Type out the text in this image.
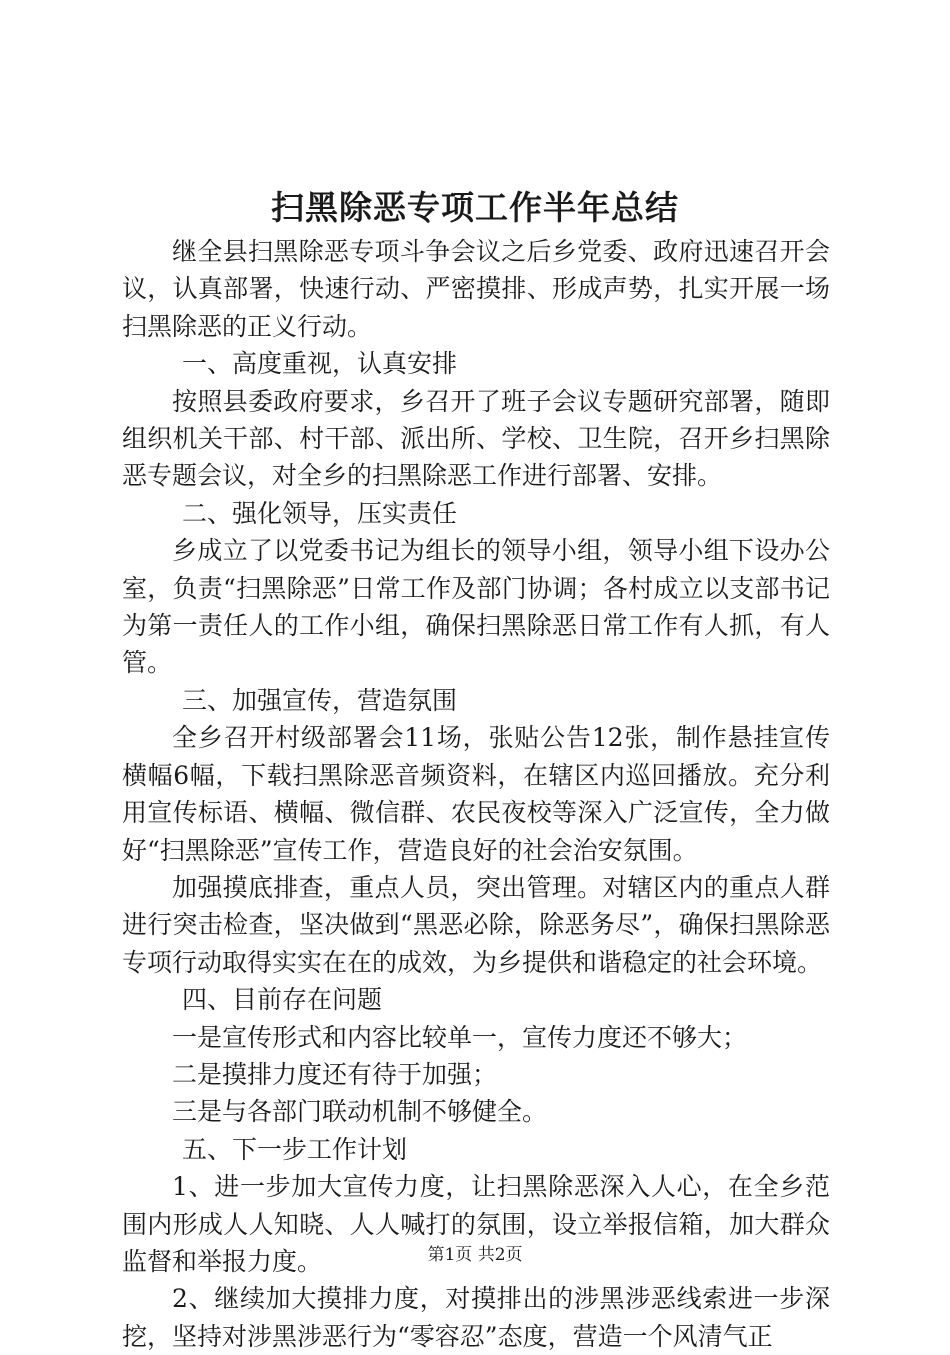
扫黑除恶专项工作半年总结

继全县扫黑除恶专项斗争会议之后乡党委、政府迅速召开会议，认真部署，快速行动、严密摸排、形成声势，扎实开展一场扫黑除恶的正义行动。

一、高度重视，认真安排

按照县委政府要求，乡召开了班子会议专题研究部署，随即组织机关干部、村干部、派出所、学校、卫生院，召开乡扫黑除恶专题会议，对全乡的扫黑除恶工作进行部署、安排。

二、强化领导，压实责任

乡成立了以党委书记为组长的领导小组，领导小组下设办公室，负责“扫黑除恶”日常工作及部门协调；各村成立以支部书记为第一责任人的工作小组，确保扫黑除恶日常工作有人抓，有人管。

三、加强宣传，营造氛围

全乡召开村级部署会11场，张贴公告12张，制作悬挂宣传横幅6幅，下载扫黑除恶音频资料，在辖区内巡回播放。充分利用宣传标语、横幅、微信群、农民夜校等深入广泛宣传，全力做好“扫黑除恶”宣传工作，营造良好的社会治安氛围。

加强摸底排查，重点人员，突出管理。对辖区内的重点人群进行突击检查，坚决做到“黑恶必除，除恶务尽”，确保扫黑除恶专项行动取得实实在在的成效，为乡提供和谐稳定的社会环境。

四、目前存在问题

一是宣传形式和内容比较单一，宣传力度还不够大；

二是摸排力度还有待于加强；

三是与各部门联动机制不够健全。

五、下一步工作计划

1、进一步加大宣传力度，让扫黑除恶深入人心，在全乡范围内形成人人知晓、人人喊打的氛围，设立举报信箱，加大群众监督和举报力度。

2、继续加大摸排力度，对摸排出的涉黑涉恶线索进一步深挖，坚持对涉黑涉恶行为“零容忍”态度，营造一个风清气正

第1页 共2页
